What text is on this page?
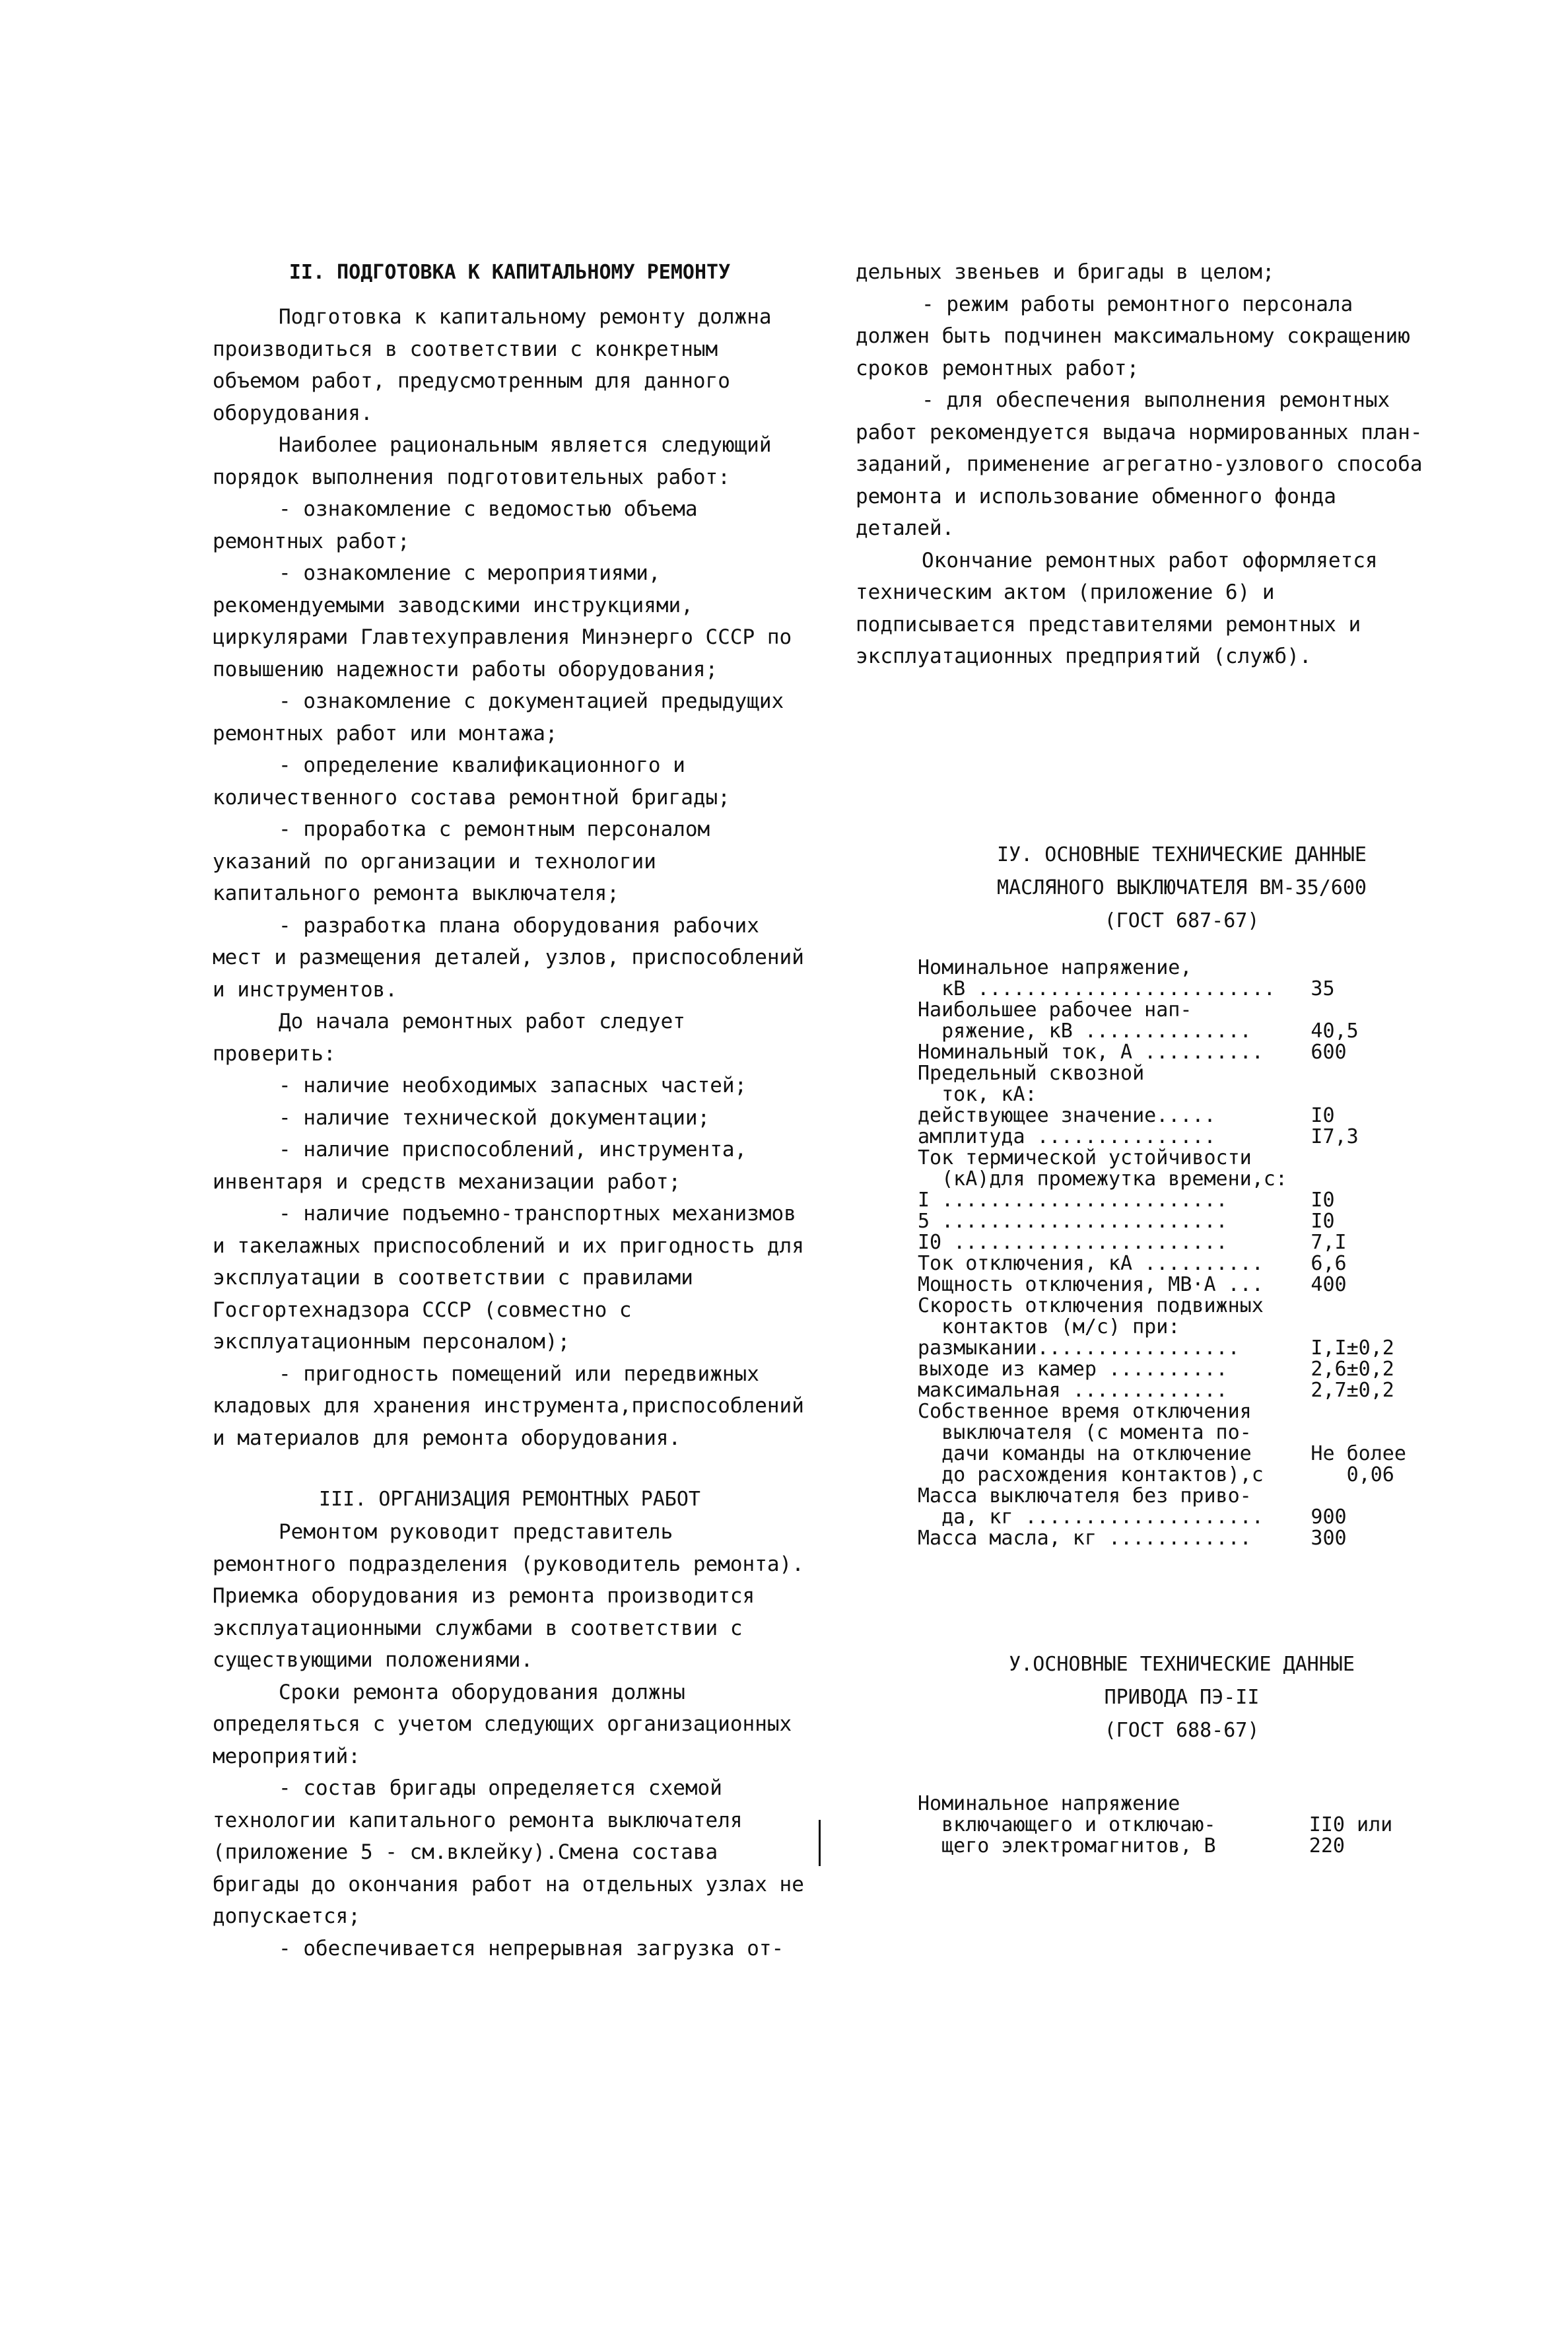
II. ПОДГОТОВКА К КАПИТАЛЬНОМУ РЕМОНТУ

Подготовка к капитальному ремонту должна производиться в соответствии с конкретным объемом работ, предусмотренным для данного оборудования.

Наиболее рациональным является следующий порядок выполнения подготовительных работ:

- ознакомление с ведомостью объема ремонтных работ;

- ознакомление с мероприятиями, рекомендуемыми заводскими инструкциями, циркулярами Главтехуправления Минэнерго СССР по повышению надежности работы оборудования;

- ознакомление с документацией предыдущих ремонтных работ или монтажа;

- определение квалификационного и количественного состава ремонтной бригады;

- проработка с ремонтным персоналом указаний по организации и технологии капитального ремонта выключателя;

- разработка плана оборудования рабочих мест и размещения деталей, узлов, приспособлений и инструментов.

До начала ремонтных работ следует проверить:

- наличие необходимых запасных частей;

- наличие технической документации;

- наличие приспособлений, инструмента, инвентаря и средств механизации работ;

- наличие подъемно-транспортных механизмов и такелажных приспособлений и их пригодность для эксплуатации в соответствии с правилами Госгортехнадзора СССР (совместно с эксплуатационным персоналом);

- пригодность помещений или передвижных кладовых для хранения инструмента,приспособлений и материалов для ремонта оборудования.

III. ОРГАНИЗАЦИЯ РЕМОНТНЫХ РАБОТ

Ремонтом руководит представитель ремонтного подразделения (руководитель ремонта). Приемка оборудования из ремонта производится эксплуатационными службами в соответствии с существующими положениями.

Сроки ремонта оборудования должны определяться с учетом следующих организационных мероприятий:

- состав бригады определяется схемой технологии капитального ремонта выключателя (приложение 5 - см.вклейку).Смена состава бригады до окончания работ на отдельных узлах не допускается;

- обеспечивается непрерывная загрузка от-

дельных звеньев и бригады в целом;

- режим работы ремонтного персонала должен быть подчинен максимальному сокращению сроков ремонтных работ;

- для обеспечения выполнения ремонтных работ рекомендуется выдача нормированных план-заданий, применение агрегатно-узлового способа ремонта и использование обменного фонда деталей.

Окончание ремонтных работ оформляется техническим актом (приложение 6) и подписывается представителями ремонтных и эксплуатационных предприятий (служб).

IУ. ОСНОВНЫЕ ТЕХНИЧЕСКИЕ ДАННЫЕ
МАСЛЯНОГО ВЫКЛЮЧАТЕЛЯ ВМ-35/600
(ГОСТ 687-67)
Номинальное напряжение,
кВ .........................	35
Наибольшее рабочее нап-
ряжение, кВ ..............	40,5
Номинальный ток, А ..........	600
Предельный сквозной
ток, кА:	
действующее значение.....	I0
амплитуда ...............	I7,3
Ток термической устойчивости
(кА)для промежутка времени,с:	
I ........................	I0
5 ........................	I0
I0 .......................	7,I
Ток отключения, кА ..........	6,6
Мощность отключения, МВ·А ...	400
Скорость отключения подвижных
контактов (м/с) при:	
размыкании.................	I,I±0,2
выходе из камер ..........	2,6±0,2
максимальная .............	2,7±0,2
Собственное время отключения
выключателя (с момента по-
дачи команды на отключение
до расхождения контактов),с	Не более
0,06
Масса выключателя без приво-
да, кг ....................	900
Масса масла, кг ............	300
У.ОСНОВНЫЕ ТЕХНИЧЕСКИЕ ДАННЫЕ
ПРИВОДА ПЭ-II
(ГОСТ 688-67)
Номинальное напряжение
включающего и отключаю-
щего электромагнитов, В	II0 или
220
